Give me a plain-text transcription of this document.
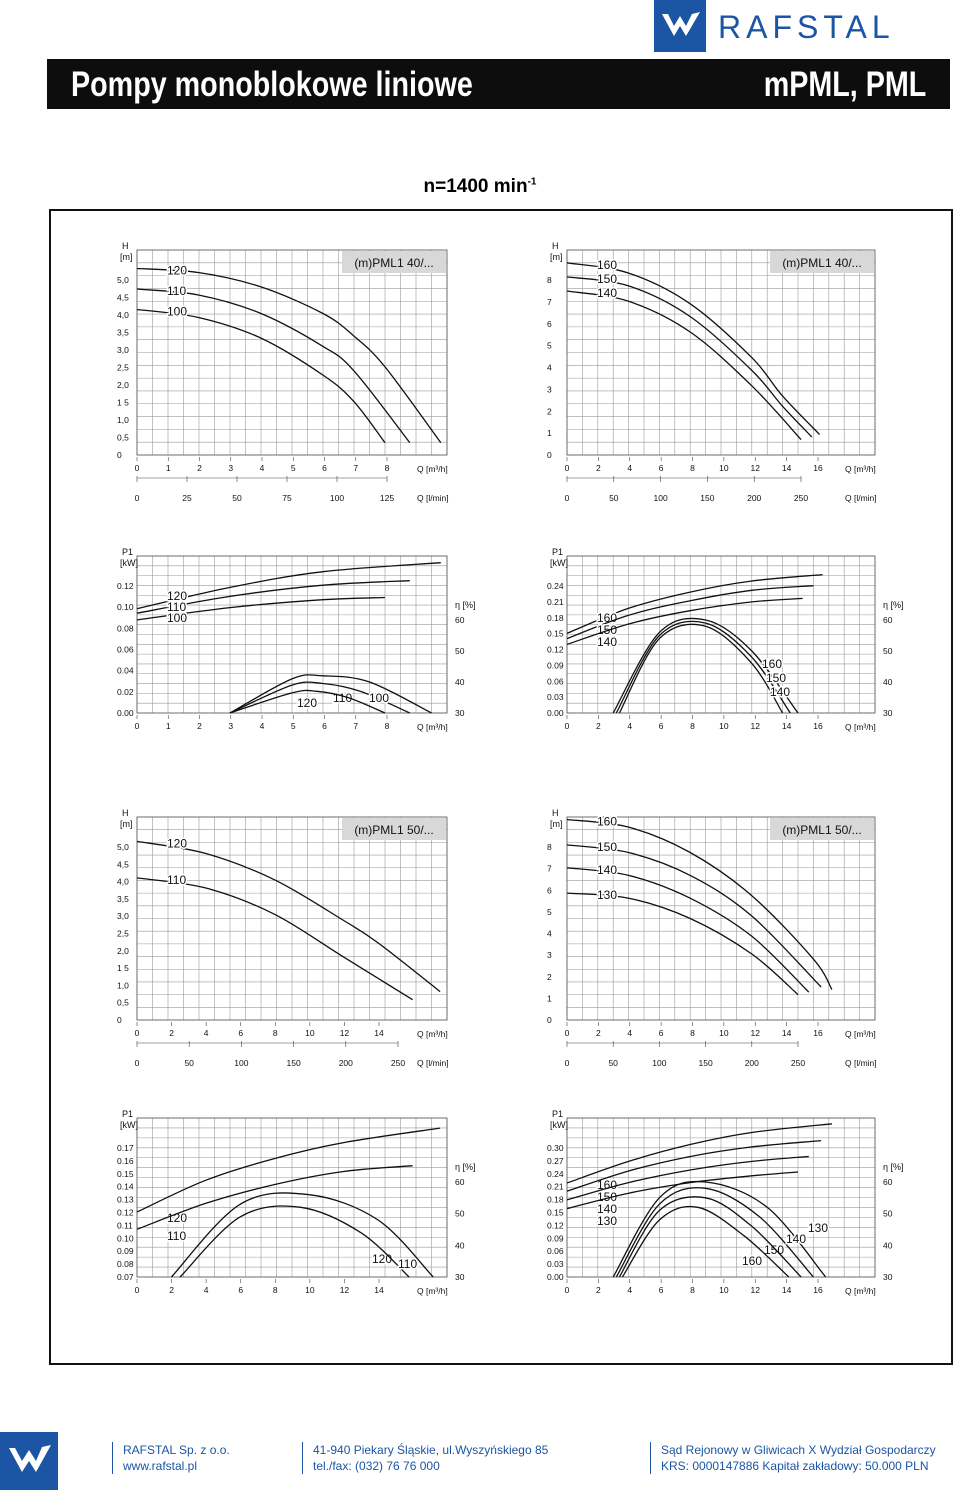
RAFSTAL
Pompy monoblokowe liniowe	mPML, PML
n=1400 $\min^{-1}$
(m)PML1 40/...
H
[m]
5,0
4,5
4,0
3,5
3,0
2,5
2,0
1 5
1,0
0,5
0
0	1	2	3	4	5	6	7	8	Q [m³/h]
0	25	50	75	100	125	Q [l/min]
120
110
100
(m)PML1 40/...
H
[m]
8
7
6
5
4
3
2
1
0
0	2	4	6	8	10	12	14	16	Q [m³/h]
0	50	100	150	200	250	Q [l/min]
160
150
140
P1
[kW]
0.12
0.10
0.08
0.06
0.04
0.02
0.00
0	1	2	3	4	5	6	7	8	Q [m³/h]
η [%]
60
50
40
30
120
110
100
120 110 100
P1
[kW]
0.24
0.21
0.18
0.15
0.12
0.09
0.06
0.03
0.00
0	2	4	6	8	10	12	14	16	Q [m³/h]
η [%]
60
50
40
30
160
150
140
160
150
140
(m)PML1 50/...
H
[m]
5,0
4,5
4,0
3,5
3,0
2,5
2,0
1 5
1,0
0,5
0
0	2	4	6	8	10	12	14	Q [m³/h]
0	50	100	150	200	250 Q [l/min]
120
110
(m)PML1 50/...
H
[m]
8
7
6
5
4
3
2
1
0
0	2	4	6	8	10	12	14	16	Q [m³/h]
0	50	100	150	200	250	Q [l/min]
160
150
140
130
P1
[kW]
0.17
0.16
0.15
0.14
0.13
0.12
0.11
0.10
0.09
0.08
0.07
0	2	4	6	8	10	12	14	Q [m³/h]
η [%]
60
50
40
30
120
110
120 110
P1
[kW]
0.30
0.27
0.24
0.21
0.18
0.15
0.12
0.09
0.06
0.03
0.00
0	2	4	6	8	10	12	14	16	Q [m³/h]
η [%]
60
50
40
30
160
150
140
130
160
150
140
130
RAFSTAL Sp. z o.o.
www.rafstal.pl
41-940 Piekary Śląskie, ul.Wyszyńskiego 85
tel./fax: (032) 76 76 000
Sąd Rejonowy w Gliwicach X Wydział Gospodarczy
KRS: 0000147886 Kapitał zakładowy: 50.000 PLN
